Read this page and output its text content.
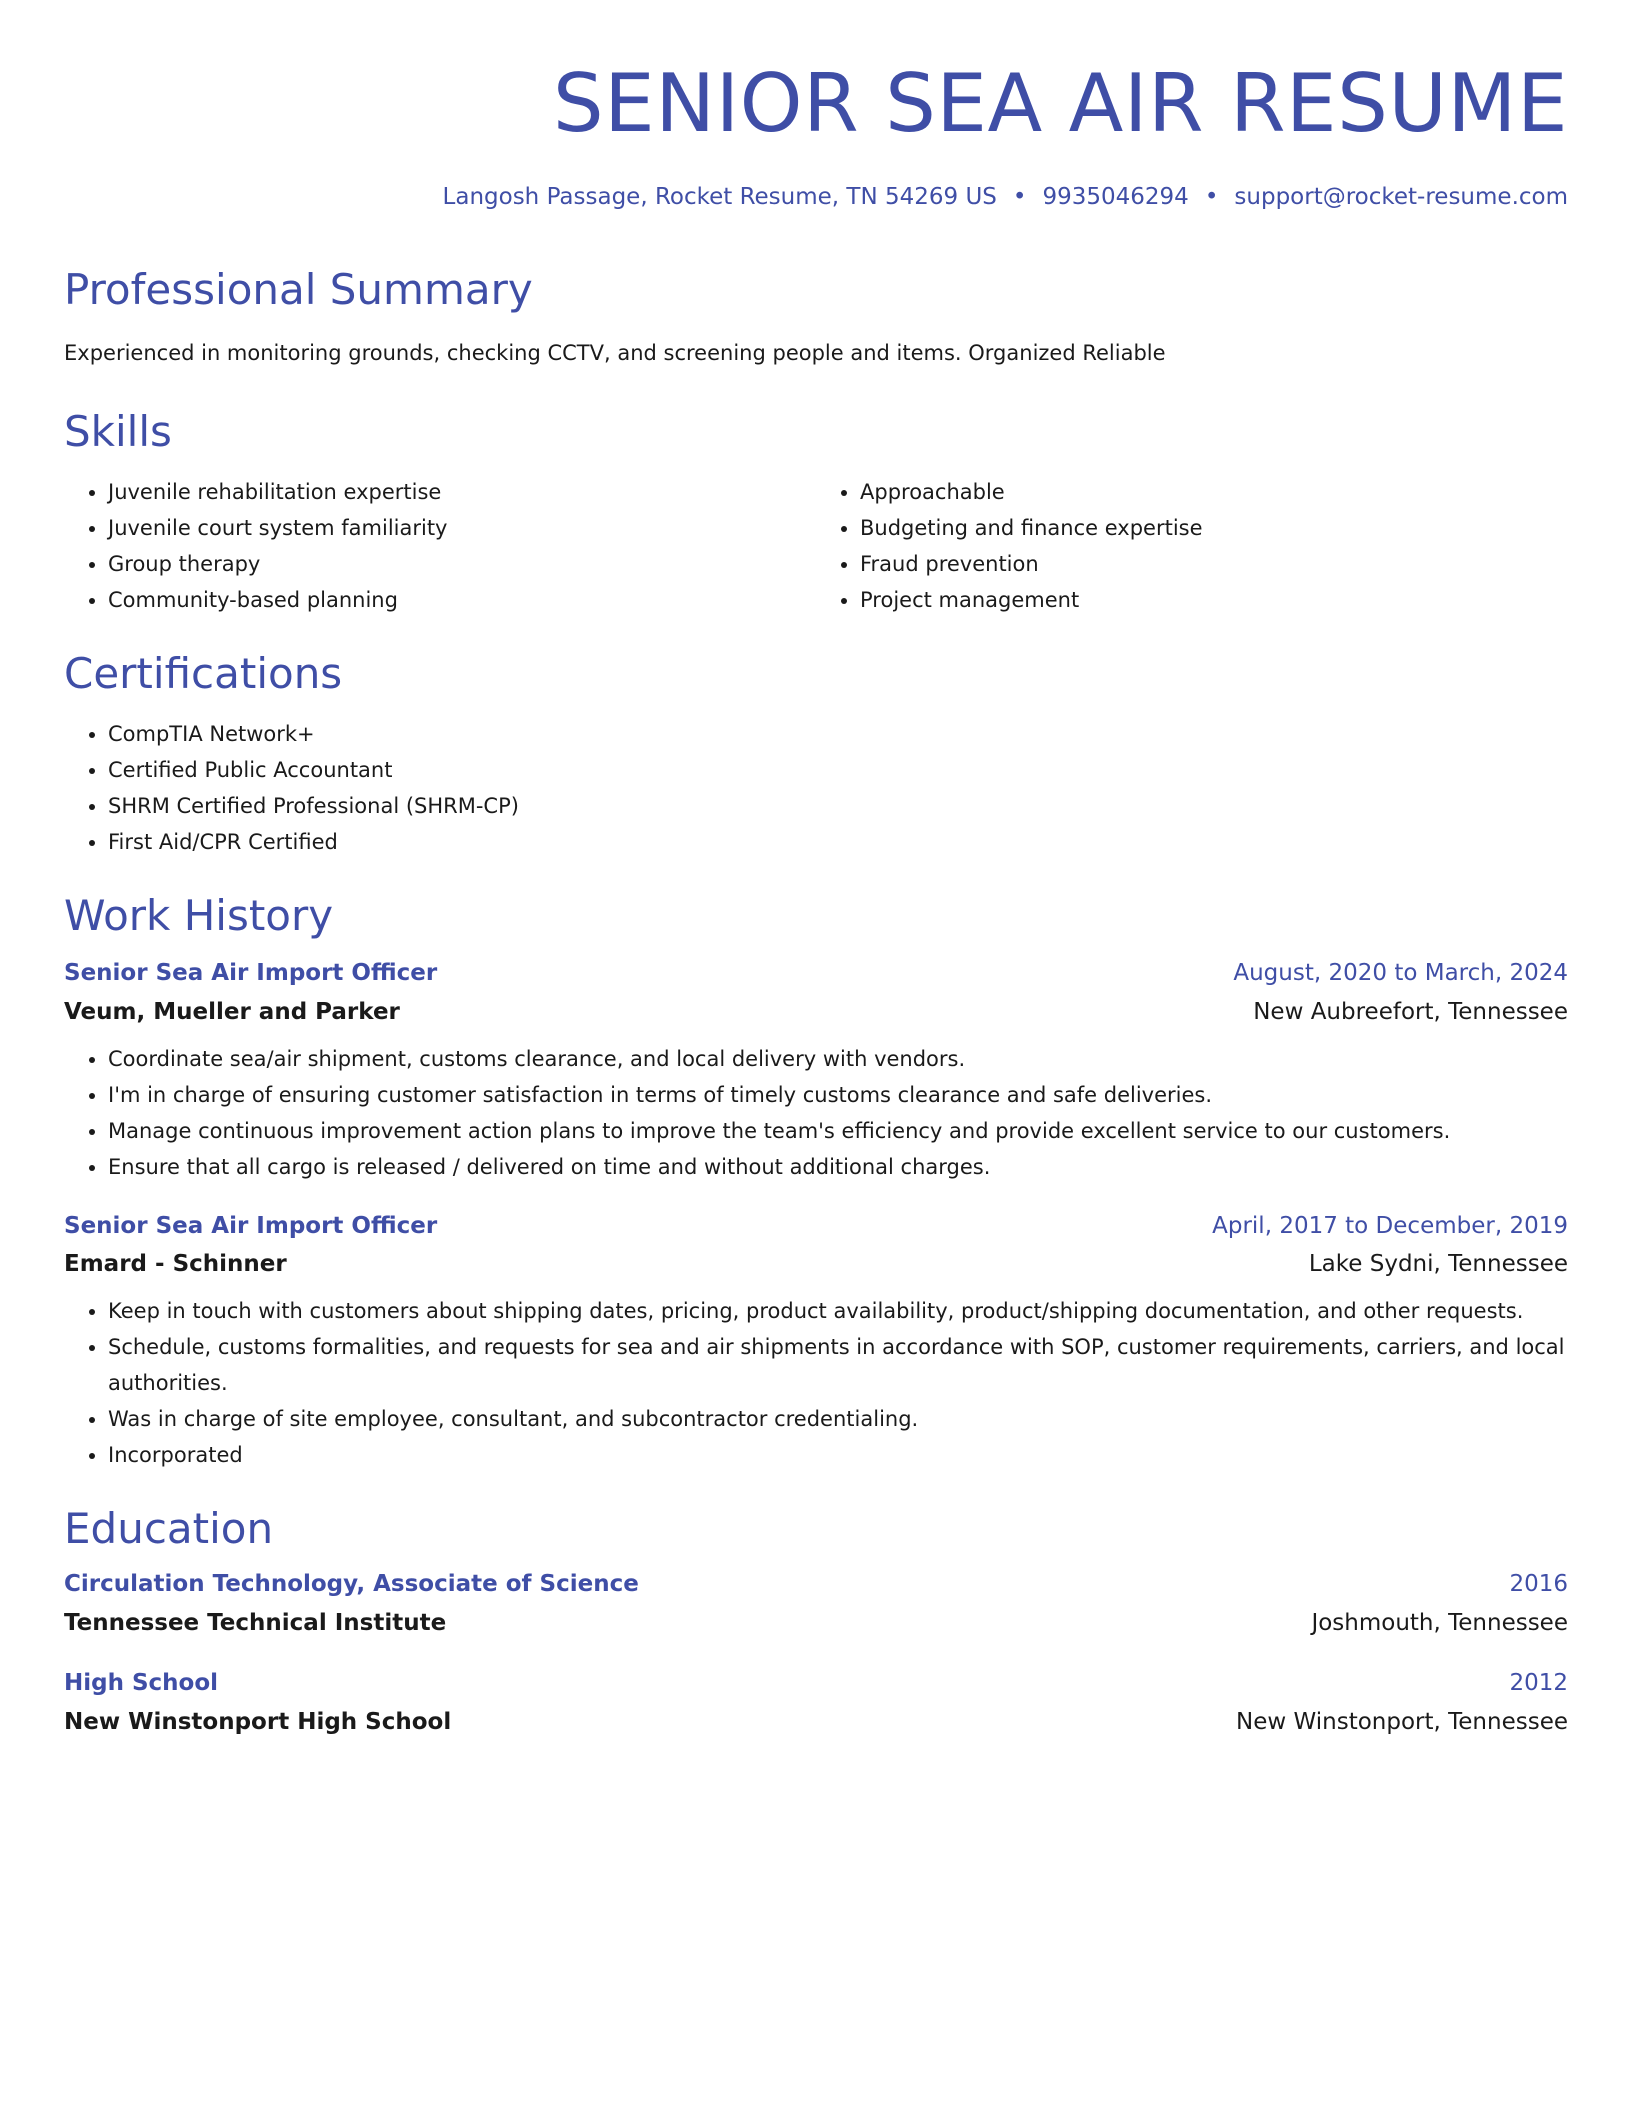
SENIOR SEA AIR RESUME
Langosh Passage, Rocket Resume, TN 54269 US • 9935046294 • support@rocket-resume.com
Professional Summary

Experienced in monitoring grounds, checking CCTV, and screening people and items. Organized Reliable

Skills
• Juvenile rehabilitation expertise
• Juvenile court system familiarity
• Group therapy
• Community-based planning
• Approachable
• Budgeting and finance expertise
• Fraud prevention
• Project management
Certifications
• CompTIA Network+
• Certified Public Accountant
• SHRM Certified Professional (SHRM-CP)
• First Aid/CPR Certified
Work History
Senior Sea Air Import Officer	August, 2020 to March, 2024
Veum, Mueller and Parker	New Aubreefort, Tennessee
• Coordinate sea/air shipment, customs clearance, and local delivery with vendors.
• I'm in charge of ensuring customer satisfaction in terms of timely customs clearance and safe deliveries.
• Manage continuous improvement action plans to improve the team's efficiency and provide excellent service to our customers.
• Ensure that all cargo is released / delivered on time and without additional charges.
Senior Sea Air Import Officer	April, 2017 to December, 2019
Emard - Schinner	Lake Sydni, Tennessee
• Keep in touch with customers about shipping dates, pricing, product availability, product/shipping documentation, and other requests.
• Schedule, customs formalities, and requests for sea and air shipments in accordance with SOP, customer requirements, carriers, and local authorities.
• Was in charge of site employee, consultant, and subcontractor credentialing.
• Incorporated
Education
Circulation Technology, Associate of Science	2016
Tennessee Technical Institute	Joshmouth, Tennessee
High School	2012
New Winstonport High School	New Winstonport, Tennessee
